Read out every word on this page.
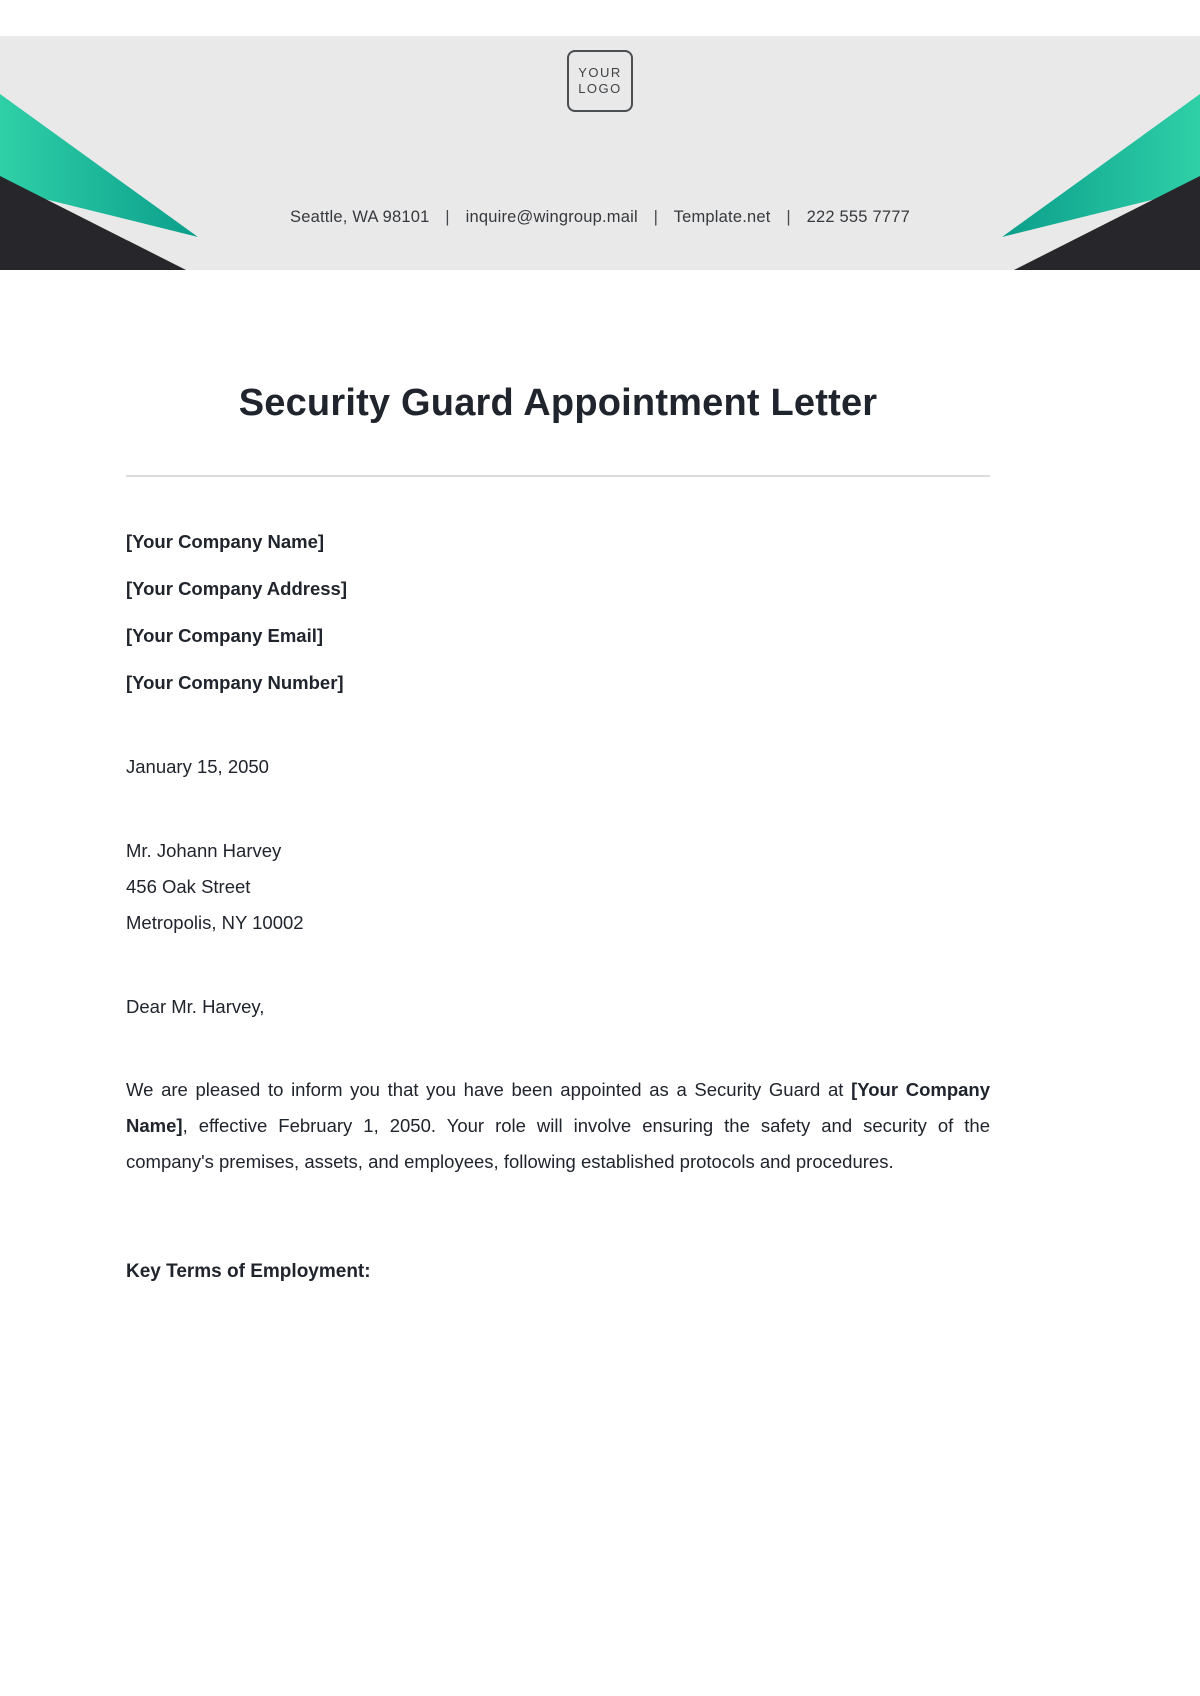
YOUR
LOGO
Seattle, WA 98101 | inquire@wingroup.mail | Template.net | 222 555 7777
Security Guard Appointment Letter

[Your Company Name]

[Your Company Address]

[Your Company Email]

[Your Company Number]

January 15, 2050

Mr. Johann Harvey

456 Oak Street

Metropolis, NY 10002

Dear Mr. Harvey,

We are pleased to inform you that you have been appointed as a Security Guard at [Your Company Name], effective February 1, 2050. Your role will involve ensuring the safety and security of the company's premises, assets, and employees, following established protocols and procedures.

Key Terms of Employment:
